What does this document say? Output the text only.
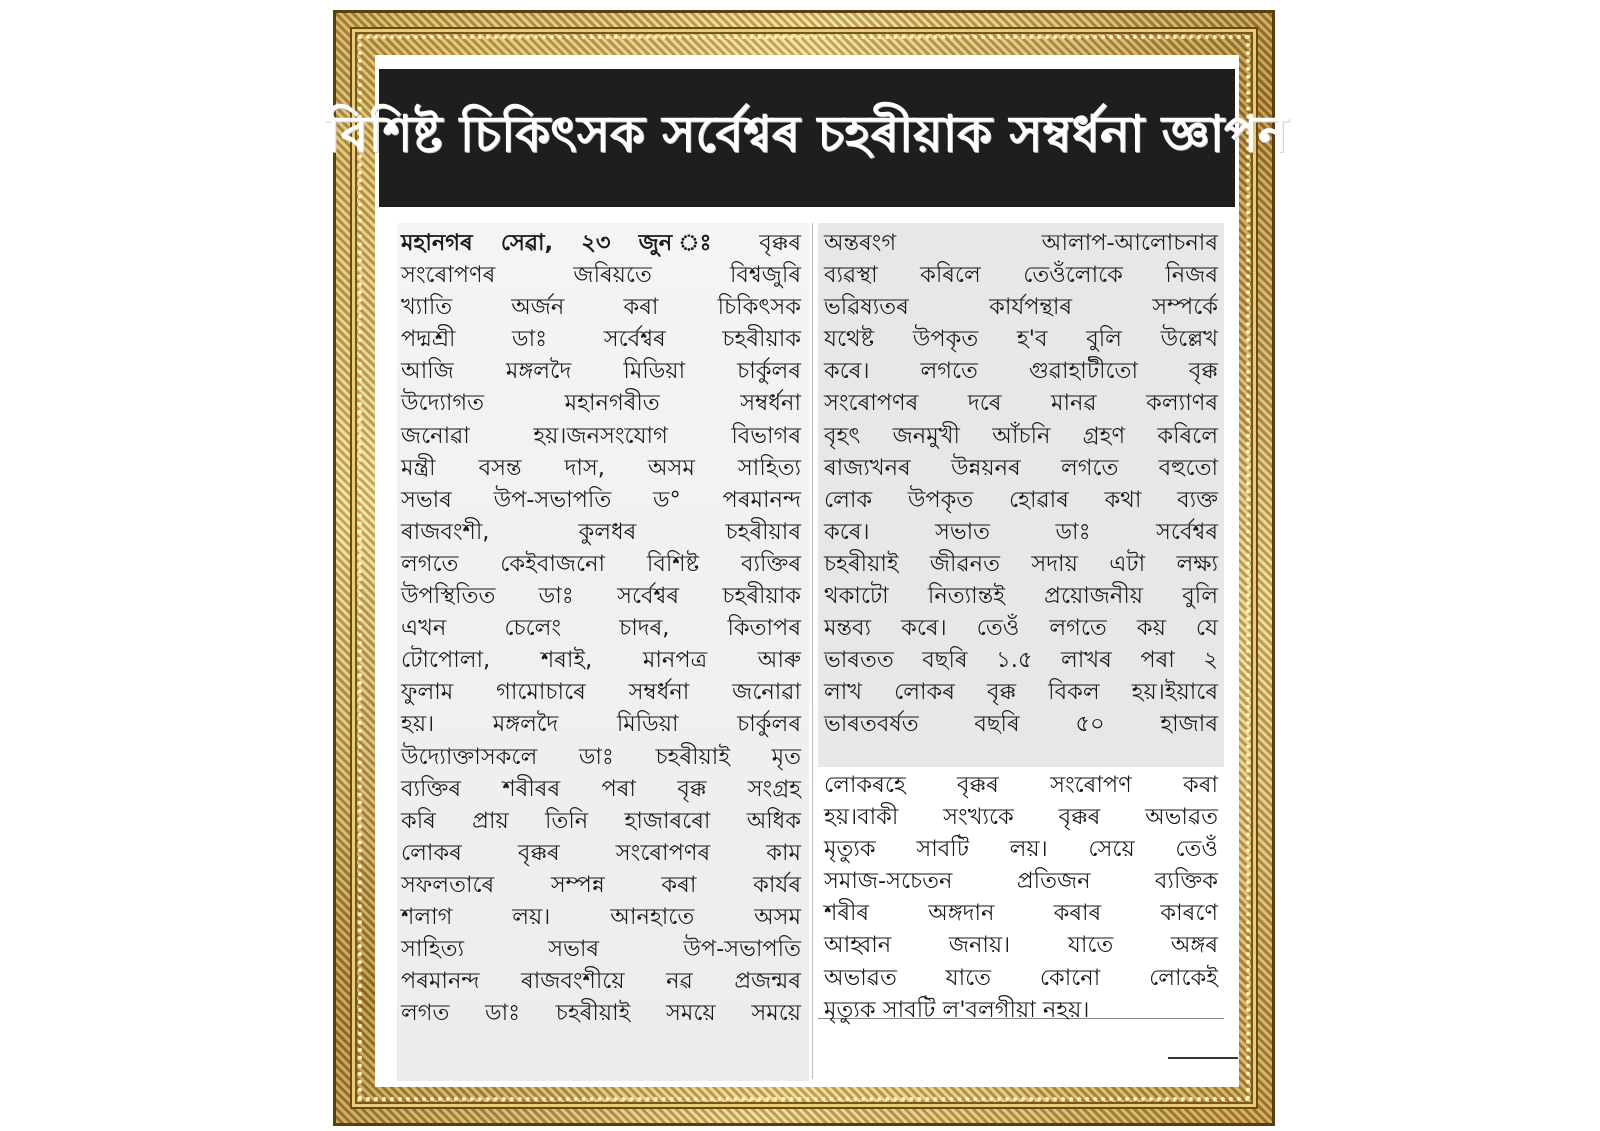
বিশিষ্ট চিকিৎসক সৰ্বেশ্বৰ চহৰীয়াক সম্বৰ্ধনা জ্ঞাপন
মহানগৰ সেৱা, ২৩ জুন ঃ বৃক্কৰ
সংৰোপণৰ জৰিয়তে বিশ্বজুৰি
খ্যাতি অৰ্জন কৰা চিকিৎসক
পদ্মশ্ৰী ডাঃ সৰ্বেশ্বৰ চহৰীয়াক
আজি মঙ্গলদৈ মিডিয়া চাৰ্কুলৰ
উদ্যোগত মহানগৰীত সম্বৰ্ধনা
জনোৱা হয়।জনসংযোগ বিভাগৰ
মন্ত্ৰী বসন্ত দাস, অসম সাহিত্য
সভাৰ উপ-সভাপতি ড° পৰমানন্দ
ৰাজবংশী, কুলধৰ চহৰীয়াৰ
লগতে কেইবাজনো বিশিষ্ট ব্যক্তিৰ
উপস্থিতিত ডাঃ সৰ্বেশ্বৰ চহৰীয়াক
এখন চেলেং চাদৰ, কিতাপৰ
টোপোলা, শৰাই, মানপত্ৰ আৰু
ফুলাম গামোচাৰে সম্বৰ্ধনা জনোৱা
হয়। মঙ্গলদৈ মিডিয়া চাৰ্কুলৰ
উদ্যোক্তাসকলে ডাঃ চহৰীয়াই মৃত
ব্যক্তিৰ শৰীৰৰ পৰা বৃক্ক সংগ্ৰহ
কৰি প্ৰায় তিনি হাজাৰৰো অধিক
লোকৰ বৃক্কৰ সংৰোপণৰ কাম
সফলতাৰে সম্পন্ন কৰা কাৰ্যৰ
শলাগ লয়। আনহাতে অসম
সাহিত্য সভাৰ উপ-সভাপতি
পৰমানন্দ ৰাজবংশীয়ে নৱ প্ৰজন্মৰ
লগত ডাঃ চহৰীয়াই সময়ে সময়ে
অন্তৰংগ আলাপ-আলোচনাৰ
ব্যৱস্থা কৰিলে তেওঁলোকে নিজৰ
ভৱিষ্যতৰ কাৰ্যপন্থাৰ সম্পৰ্কে
যথেষ্ট উপকৃত হ'ব বুলি উল্লেখ
কৰে। লগতে গুৱাহাটীতো বৃক্ক
সংৰোপণৰ দৰে মানৱ কল্যাণৰ
বৃহৎ জনমুখী আঁচনি গ্ৰহণ কৰিলে
ৰাজ্যখনৰ উন্নয়নৰ লগতে বহুতো
লোক উপকৃত হোৱাৰ কথা ব্যক্ত
কৰে। সভাত ডাঃ সৰ্বেশ্বৰ
চহৰীয়াই জীৱনত সদায় এটা লক্ষ্য
থকাটো নিত্যান্তই প্ৰয়োজনীয় বুলি
মন্তব্য কৰে। তেওঁ লগতে কয় যে
ভাৰতত বছৰি ১.৫ লাখৰ পৰা ২
লাখ লোকৰ বৃক্ক বিকল হয়।ইয়াৰে
ভাৰতবৰ্ষত বছৰি ৫০ হাজাৰ
লোকৰহে বৃক্কৰ সংৰোপণ কৰা
হয়।বাকী সংখ্যকে বৃক্কৰ অভাৱত
মৃত্যুক সাবটি লয়। সেয়ে তেওঁ
সমাজ-সচেতন প্ৰতিজন ব্যক্তিক
শৰীৰ অঙ্গদান কৰাৰ কাৰণে
আহ্বান জনায়। যাতে অঙ্গৰ
অভাৱত যাতে কোনো লোকেই
মৃত্যুক সাবটি ল'বলগীয়া নহয়।
